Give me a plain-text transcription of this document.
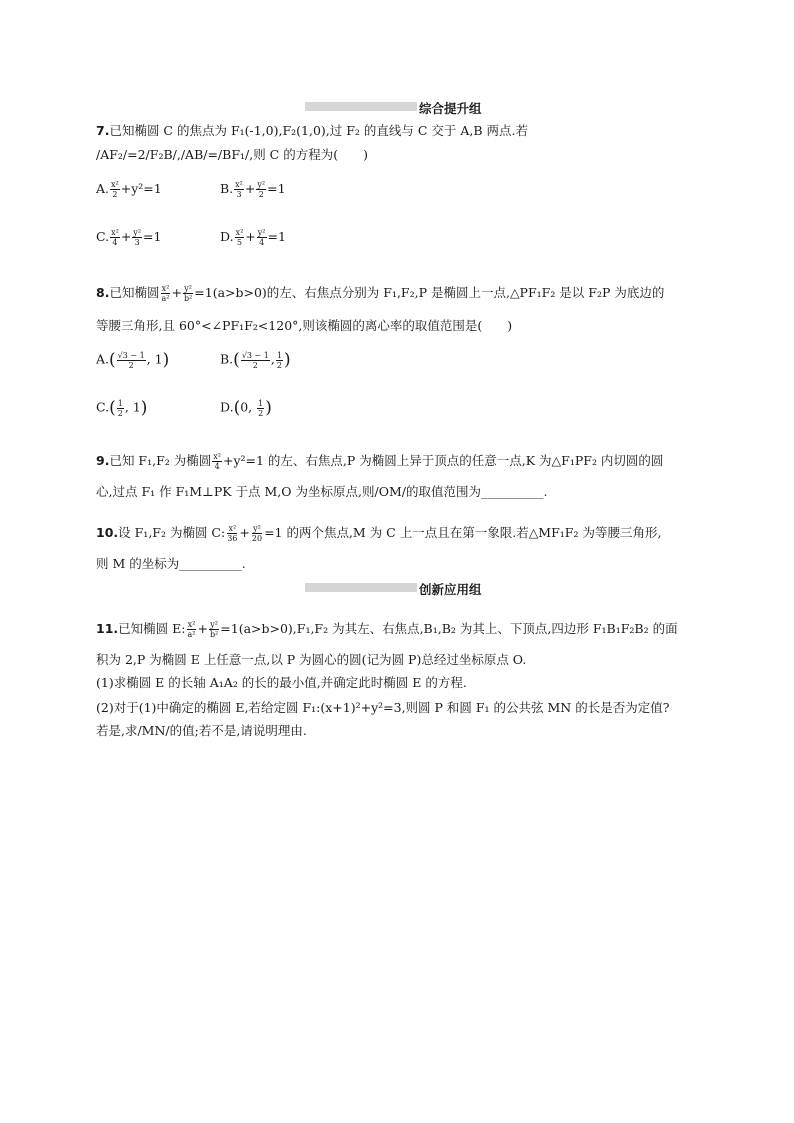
综合提升组
7.已知椭圆 C 的焦点为 F₁(-1,0),F₂(1,0),过 F₂ 的直线与 C 交于 A,B 两点.若
/AF₂/=2/F₂B/,/AB/=/BF₁/,则 C 的方程为(　　)
A. $\frac{\text{x²}}{2} +y^2=1$	B. $\frac{\text{x²}}{3} + \frac{\text{y²}}{2} =1$
C. $\frac{\text{x²}}{4} + \frac{\text{y²}}{3} =1$	D. $\frac{\text{x²}}{5} + \frac{\text{y²}}{4} =1$
8.已知椭圆 $\frac{\text{x²}}{\text{a²}} + \frac{\text{y²}}{\text{b²}} =1(a>b>0)$的左、右焦点分别为 F₁,F₂,P 是椭圆上一点,△PF₁F₂ 是以 F₂P 为底边的
等腰三角形,且 60°<∠PF₁F₂<120°,则该椭圆的离心率的取值范围是(　　)
$A.( \frac{√3 - 1}{2}$ , 1)	$B.( \frac{√3 - 1}{2}$ , $\frac{1}{2}$ )
$C.( \frac{1}{2}$ , 1)	D.(0, $\frac{1}{2}$ )
9.已知 F₁,F₂ 为椭圆 $\frac{\text{x²}}{4} +y^2=1$ 的左、右焦点,P 为椭圆上异于顶点的任意一点,K 为△F₁PF₂ 内切圆的圆
心,过点 F₁ 作 F₁M⊥PK 于点 M,O 为坐标原点,则/OM/的取值范围为__________.
10.设 F₁,F₂ 为椭圆 C: $\frac{\text{x²}}{36} + \frac{\text{y²}}{20} =1$ 的两个焦点,M 为 C 上一点且在第一象限.若△MF₁F₂ 为等腰三角形,
则 M 的坐标为__________.
创新应用组
11.已知椭圆 E: $\frac{\text{x²}}{\text{a²}} + \frac{\text{y²}}{\text{b²}} =1(a>b>0),F_1,F_2$ 为其左、右焦点,B₁,B₂ 为其上、下顶点,四边形 F₁B₁F₂B₂ 的面
积为 2,P 为椭圆 E 上任意一点,以 P 为圆心的圆(记为圆 P)总经过坐标原点 O.
(1)求椭圆 E 的长轴 A₁A₂ 的长的最小值,并确定此时椭圆 E 的方程.
(2)对于(1)中确定的椭圆 E,若给定圆 F₁:(x+1)²+y²=3,则圆 P 和圆 F₁ 的公共弦 MN 的长是否为定值?
若是,求/MN/的值;若不是,请说明理由.
